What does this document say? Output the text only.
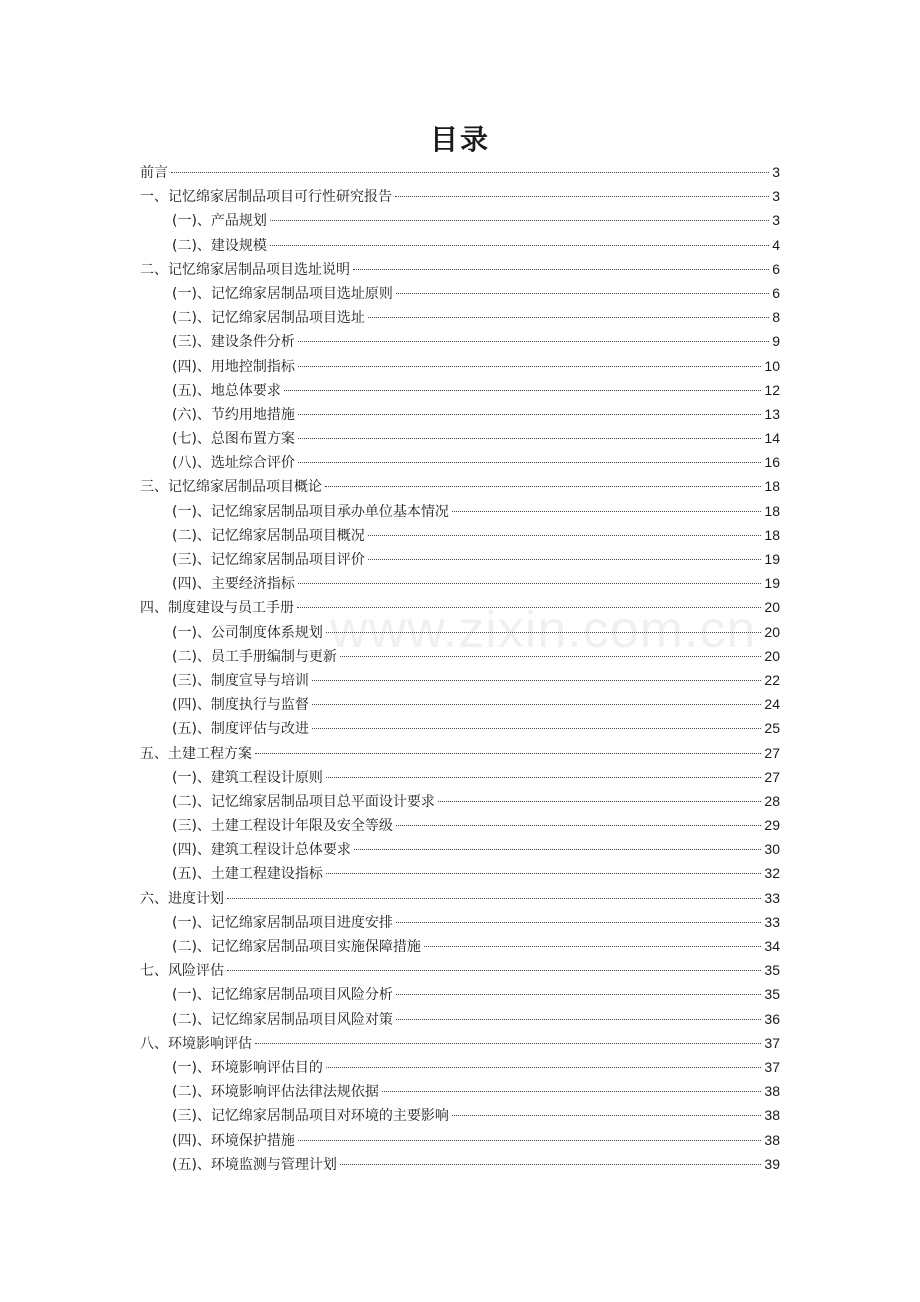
目录
www.zixin.com.cn
前言	3
一、记忆绵家居制品项目可行性研究报告	3
(一)、产品规划	3
(二)、建设规模	4
二、记忆绵家居制品项目选址说明	6
(一)、记忆绵家居制品项目选址原则	6
(二)、记忆绵家居制品项目选址	8
(三)、建设条件分析	9
(四)、用地控制指标	10
(五)、地总体要求	12
(六)、节约用地措施	13
(七)、总图布置方案	14
(八)、选址综合评价	16
三、记忆绵家居制品项目概论	18
(一)、记忆绵家居制品项目承办单位基本情况	18
(二)、记忆绵家居制品项目概况	18
(三)、记忆绵家居制品项目评价	19
(四)、主要经济指标	19
四、制度建设与员工手册	20
(一)、公司制度体系规划	20
(二)、员工手册编制与更新	20
(三)、制度宣导与培训	22
(四)、制度执行与监督	24
(五)、制度评估与改进	25
五、土建工程方案	27
(一)、建筑工程设计原则	27
(二)、记忆绵家居制品项目总平面设计要求	28
(三)、土建工程设计年限及安全等级	29
(四)、建筑工程设计总体要求	30
(五)、土建工程建设指标	32
六、进度计划	33
(一)、记忆绵家居制品项目进度安排	33
(二)、记忆绵家居制品项目实施保障措施	34
七、风险评估	35
(一)、记忆绵家居制品项目风险分析	35
(二)、记忆绵家居制品项目风险对策	36
八、环境影响评估	37
(一)、环境影响评估目的	37
(二)、环境影响评估法律法规依据	38
(三)、记忆绵家居制品项目对环境的主要影响	38
(四)、环境保护措施	38
(五)、环境监测与管理计划	39
